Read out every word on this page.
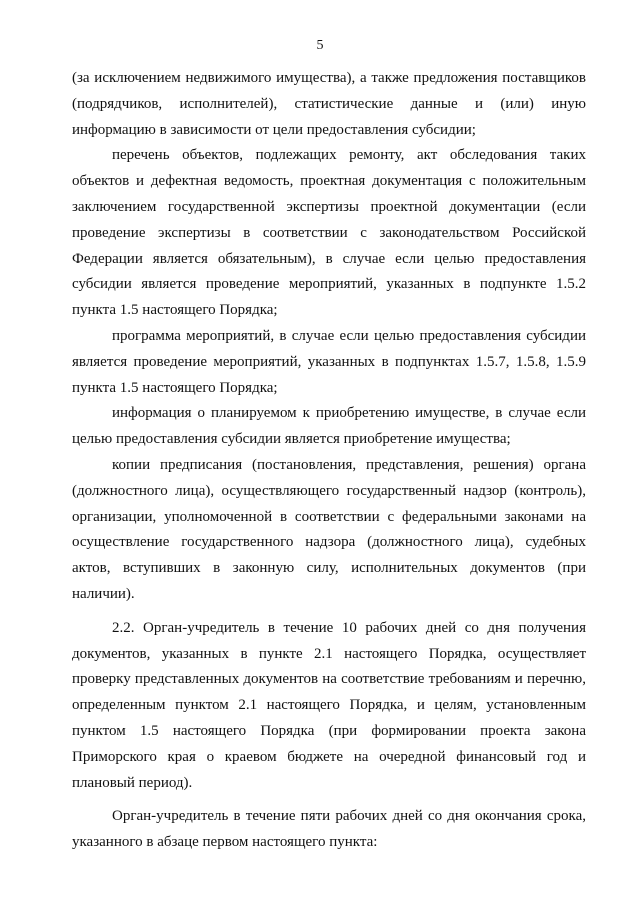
5

(за исключением недвижимого имущества), а также предложения поставщиков (подрядчиков, исполнителей), статистические данные и (или) иную информацию в зависимости от цели предоставления субсидии;

перечень объектов, подлежащих ремонту, акт обследования таких объектов и дефектная ведомость, проектная документация с положительным заключением государственной экспертизы проектной документации (если проведение экспертизы в соответствии с законодательством Российской Федерации является обязательным), в случае если целью предоставления субсидии является проведение мероприятий, указанных в подпункте 1.5.2 пункта 1.5 настоящего Порядка;

программа мероприятий, в случае если целью предоставления субсидии является проведение мероприятий, указанных в подпунктах 1.5.7, 1.5.8, 1.5.9 пункта 1.5 настоящего Порядка;

информация о планируемом к приобретению имуществе, в случае если целью предоставления субсидии является приобретение имущества;

копии предписания (постановления, представления, решения) органа (должностного лица), осуществляющего государственный надзор (контроль), организации, уполномоченной в соответствии с федеральными законами на осуществление государственного надзора (должностного лица), судебных актов, вступивших в законную силу, исполнительных документов (при наличии).

2.2. Орган-учредитель в течение 10 рабочих дней со дня получения документов, указанных в пункте 2.1 настоящего Порядка, осуществляет проверку представленных документов на соответствие требованиям и перечню, определенным пунктом 2.1 настоящего Порядка, и целям, установленным пунктом 1.5 настоящего Порядка (при формировании проекта закона Приморского края о краевом бюджете на очередной финансовый год и плановый период).

Орган-учредитель в течение пяти рабочих дней со дня окончания срока, указанного в абзаце первом настоящего пункта:
